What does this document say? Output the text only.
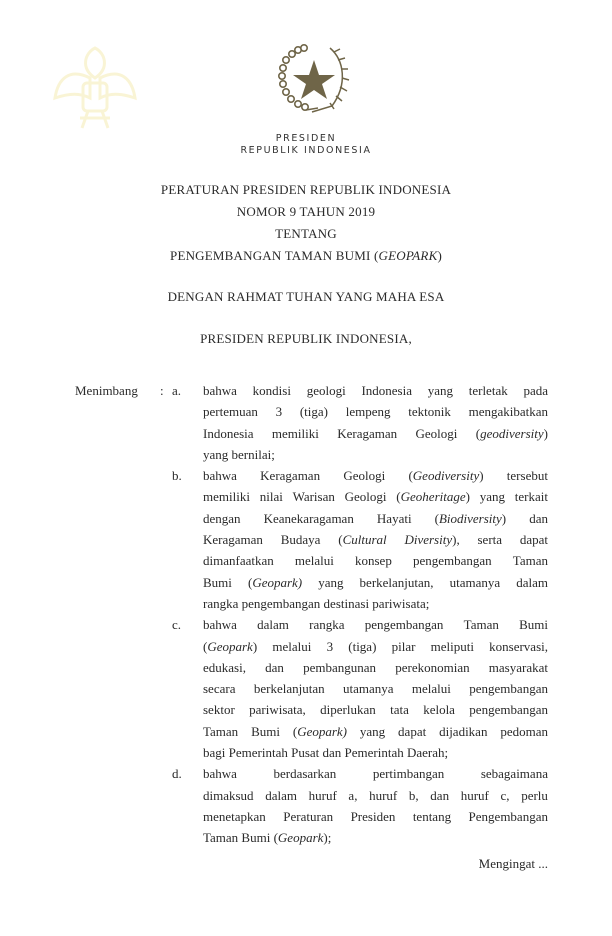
PRESIDEN
REPUBLIK INDONESIA
PERATURAN PRESIDEN REPUBLIK INDONESIA
NOMOR 9 TAHUN 2019
TENTANG
PENGEMBANGAN TAMAN BUMI (GEOPARK)
DENGAN RAHMAT TUHAN YANG MAHA ESA
PRESIDEN REPUBLIK INDONESIA,
Menimbang : a.	bahwa kondisi geologi Indonesia yang terletak pada
pertemuan 3 (tiga) lempeng tektonik mengakibatkan
Indonesia memiliki Keragaman Geologi (geodiversity)
yang bernilai;
b.	bahwa Keragaman Geologi (Geodiversity) tersebut
memiliki nilai Warisan Geologi (Geoheritage) yang terkait
dengan Keanekaragaman Hayati (Biodiversity) dan
Keragaman Budaya (Cultural Diversity), serta dapat
dimanfaatkan melalui konsep pengembangan Taman
Bumi (Geopark) yang berkelanjutan, utamanya dalam
rangka pengembangan destinasi pariwisata;
c.	bahwa dalam rangka pengembangan Taman Bumi
(Geopark) melalui 3 (tiga) pilar meliputi konservasi,
edukasi, dan pembangunan perekonomian masyarakat
secara berkelanjutan utamanya melalui pengembangan
sektor pariwisata, diperlukan tata kelola pengembangan
Taman Bumi (Geopark) yang dapat dijadikan pedoman
bagi Pemerintah Pusat dan Pemerintah Daerah;
d.	bahwa	berdasarkan	pertimbangan	sebagaimana
dimaksud dalam huruf a, huruf b, dan huruf c, perlu
menetapkan Peraturan Presiden tentang Pengembangan
Taman Bumi ( Geopark );
Mengingat ...
